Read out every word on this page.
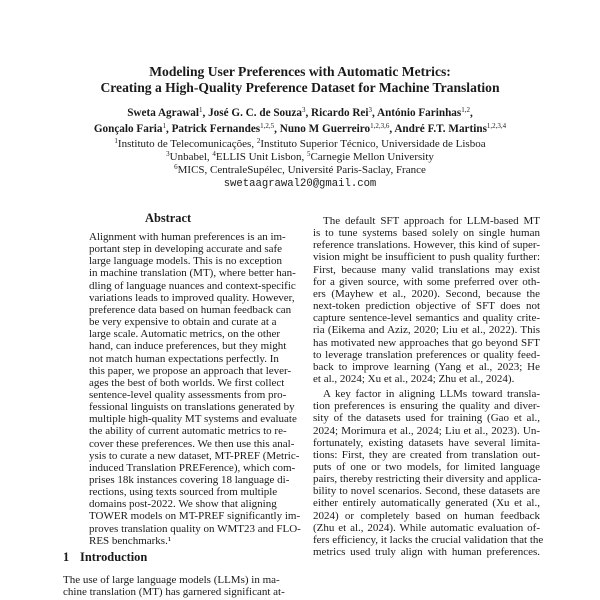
Modeling User Preferences with Automatic Metrics:
Creating a High-Quality Preference Dataset for Machine Translation
Sweta Agrawal$^1$, José G. C. de Souza$^3$, Ricardo Rei$^3$, António Farinhas$^{1,2}$,
Gonçalo Faria$^1$, Patrick Fernandes$^{1,2,5}$, Nuno M Guerreiro$^{1,2,3,6}$, André F.T. Martins$^{1,2,3,4}$
$^1$Instituto de Telecomunicações, $^2$Instituto Superior Técnico, Universidade de Lisboa
$^3$Unbabel, $^4$ELLIS Unit Lisbon, $^5$Carnegie Mellon University
$^6$MICS, CentraleSupélec, Université Paris-Saclay, France
swetaagrawal20@gmail.com
Abstract
Alignment with human preferences is an im-
portant step in developing accurate and safe
large language models. This is no exception
in machine translation (MT), where better han-
dling of language nuances and context-specific
variations leads to improved quality. However,
preference data based on human feedback can
be very expensive to obtain and curate at a
large scale. Automatic metrics, on the other
hand, can induce preferences, but they might
not match human expectations perfectly. In
this paper, we propose an approach that lever-
ages the best of both worlds. We first collect
sentence-level quality assessments from pro-
fessional linguists on translations generated by
multiple high-quality MT systems and evaluate
the ability of current automatic metrics to re-
cover these preferences. We then use this anal-
ysis to curate a new dataset, MT-PREF (Metric-
induced Translation PREFerence), which com-
prises 18k instances covering 18 language di-
rections, using texts sourced from multiple
domains post-2022. We show that aligning
TOWER models on MT-PREF significantly im-
proves translation quality on WMT23 and FLO-
RES benchmarks.¹
1 Introduction
The use of large language models (LLMs) in ma-
chine translation (MT) has garnered significant at-
The default SFT approach for LLM-based MT
is to tune systems based solely on single human
reference translations. However, this kind of super-
vision might be insufficient to push quality further:
First, because many valid translations may exist
for a given source, with some preferred over oth-
ers (Mayhew et al., 2020). Second, because the
next-token prediction objective of SFT does not
capture sentence-level semantics and quality crite-
ria (Eikema and Aziz, 2020; Liu et al., 2022). This
has motivated new approaches that go beyond SFT
to leverage translation preferences or quality feed-
back to improve learning (Yang et al., 2023; He
et al., 2024; Xu et al., 2024; Zhu et al., 2024).
A key factor in aligning LLMs toward transla-
tion preferences is ensuring the quality and diver-
sity of the datasets used for training (Gao et al.,
2024; Morimura et al., 2024; Liu et al., 2023). Un-
fortunately, existing datasets have several limita-
tions: First, they are created from translation out-
puts of one or two models, for limited language
pairs, thereby restricting their diversity and applica-
bility to novel scenarios. Second, these datasets are
either entirely automatically generated (Xu et al.,
2024) or completely based on human feedback
(Zhu et al., 2024). While automatic evaluation of-
fers efficiency, it lacks the crucial validation that the
metrics used truly align with human preferences.
